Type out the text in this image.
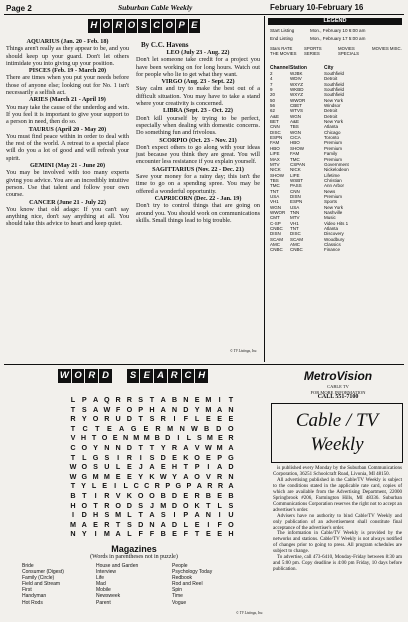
Page 2	Suburban Cable Weekly	February 10-February 16
H O R O S C O P E
By C.C. Havens

AQUARIUS (Jan. 20 - Feb. 18)
Things aren't really as they appear to be, and you should keep up your guard. Don't let others intimidate you into giving up your position.

PISCES (Feb. 19 - March 20)
There are times when you put your needs before those of anyone else; looking out for No. 1 isn't necessarily a selfish act.

ARIES (March 21 - April 19)
You may take the cause of the underdog and win. If you feel it is important to give your support to a person in need, then do so.

TAURUS (April 20 - May 20)
You must find peace within in order to deal with the rest of the world. A retreat to a special place will do you a lot of good and will refresh your spirit.

GEMINI (May 21 - June 20)
You may be involved with too many experts giving you advice. You are an incredibly intuitive person. Use that talent and follow your own course.

CANCER (June 21 - July 22)
You know that old adage: If you can't say anything nice, don't say anything at all. You should take this advice to heart and keep quiet.

LEO (July 23 - Aug. 22)
Don't let someone take credit for a project you have been working on for long hours. Watch out for people who lie to get what they want.

VIRGO (Aug. 23 - Sept. 22)
Stay calm and try to make the best out of a difficult situation. You may have to take a stand where your creativity is concerned.

LIBRA (Sept. 23 - Oct. 22)
Don't kill yourself by trying to be perfect, especially when dealing with domestic concerns. Do something fun and frivolous.

SCORPIO (Oct. 23 - Nov. 21)
Don't expect others to go along with your ideas just because you think they are great. You will encounter less resistance if you explain yourself.

SAGITTARIUS (Nov. 22 - Dec. 21)
Save your money for a rainy day; this isn't the time to go on a spending spree. You may be offered a wonderful opportunity.

CAPRICORN (Dec. 22 - Jan. 19)
Don't try to control things that are going on around you. You should work on communications skills. Small things lead to big trouble.

© TV Listings, Inc.
LEGEND
Start Listing	Mon., February 10 6:00 am
End Listing	Mon., February 17 5:00 am
Stars RATE THE MOVIES
SPORTS SERIES
MOVIES SPECIALS
MOVIES MISC.
ChannelStation	City
2	WJBK	Southfield
4	WDIV	Detroit
7	WXYZ	Southfield
9	WKBD	Southfield
20	WXYZ	Southfield
50	WWOR	New York
56	CBET	Windsor
62	WTVS	Detroit
A&E	WGN	Detroit
BET	A&E	New York
CNN	TBS	Atlanta
DISC	WGN	Chicago
ESPN	CICA	Toronto
FAM	HBO	Premium
HBO	SHOW	Premium
LIFE	FAM	Family
MAX	TMC	Premium
MTV	CSPAN	Government
NICK	NICK	Nickelodeon
SHOW	LIFE	Lifetime
TBS	WSBT	Christian
TMC	PASS	Ann Arbor
TNT	CNN	News
USA	DISN	Premium
VH1	ESPN	Sports
WGN	USA	New York
WWOR	TNN	Nashville
CMT	MTV	Music
C-SP	VH1	Video Hits 1
CNBC	TNT	Atlanta
DISN	DISC	Discovery
SCAM	SCAM	Woodbury
AMC	AMC	Classics
CNBC	CNBC	Finance
W O R D	S E A R C H
L P A Q R R S T A B N E M	I	T
T S A W F O P H A N D Y M A N
R Y O R U D T S R	I	F L E E E
T	C	T	E A G E R M N W B D O
V H T O E N M M B D I	L S M E R
C O Y N N D T T Y R A V W M A
T L G S	I	R	I	S D E K O E P G
W O S U L E J A E H T P	I	A D
W G M M E E Y K W Y A O V R N
T Y L E I	L C C R P G P A R R A
B T	I	R V K O O B D E R B E B
H O T R O D S J M D O K T L S
I	D H S M L T A S	I	P A N	I	U
M A E R T S D N A D L E	I	F O
N Y	I	M A L F F B E F T E E H
Magazines
(Words in parentheses not in puzzle)
Bride
Consumer (Digest)
Family (Circle)
Field and Stream
First
Handyman
Hot Rods
House and Garden
Interview
Life
Mad
Mobile
Newsweek
Parent
People
Psychology Today
Redbook
Rod and Reel
Spin
Time
Vogue
© TV Listings, Inc.
MetroVision
CABLE TV
FOR MORE INFORMATION
CALL 551-7100
Cable / TV
Weekly

is published every Monday by the Suburban Communications Corporation, 36251 Schoolcraft Road, Livonia, MI 48150.

All advertising published in the Cable/TV Weekly is subject to the conditions stated in the applicable rate card, copies of which are available from the Advertising Department, 22000 Springbrook #206, Farmington Hills, MI 48336. Suburban Communications Corporation reserves the right not to accept an advertiser's order.

Advisers have no authority to bind Cable/TV Weekly and only publication of an advertisement shall constitute final acceptance of the advertiser's order.

The information in Cable/TV Weekly is provided by the networks and stations. Cable/TV Weekly is not always notified of changes prior to going to press. All program schedules are subject to change.

To advertise, call 473-6410, Monday-Friday between 8:30 am and 5:00 pm. Copy deadline is 4:00 pm Friday, 10 days before publication.
